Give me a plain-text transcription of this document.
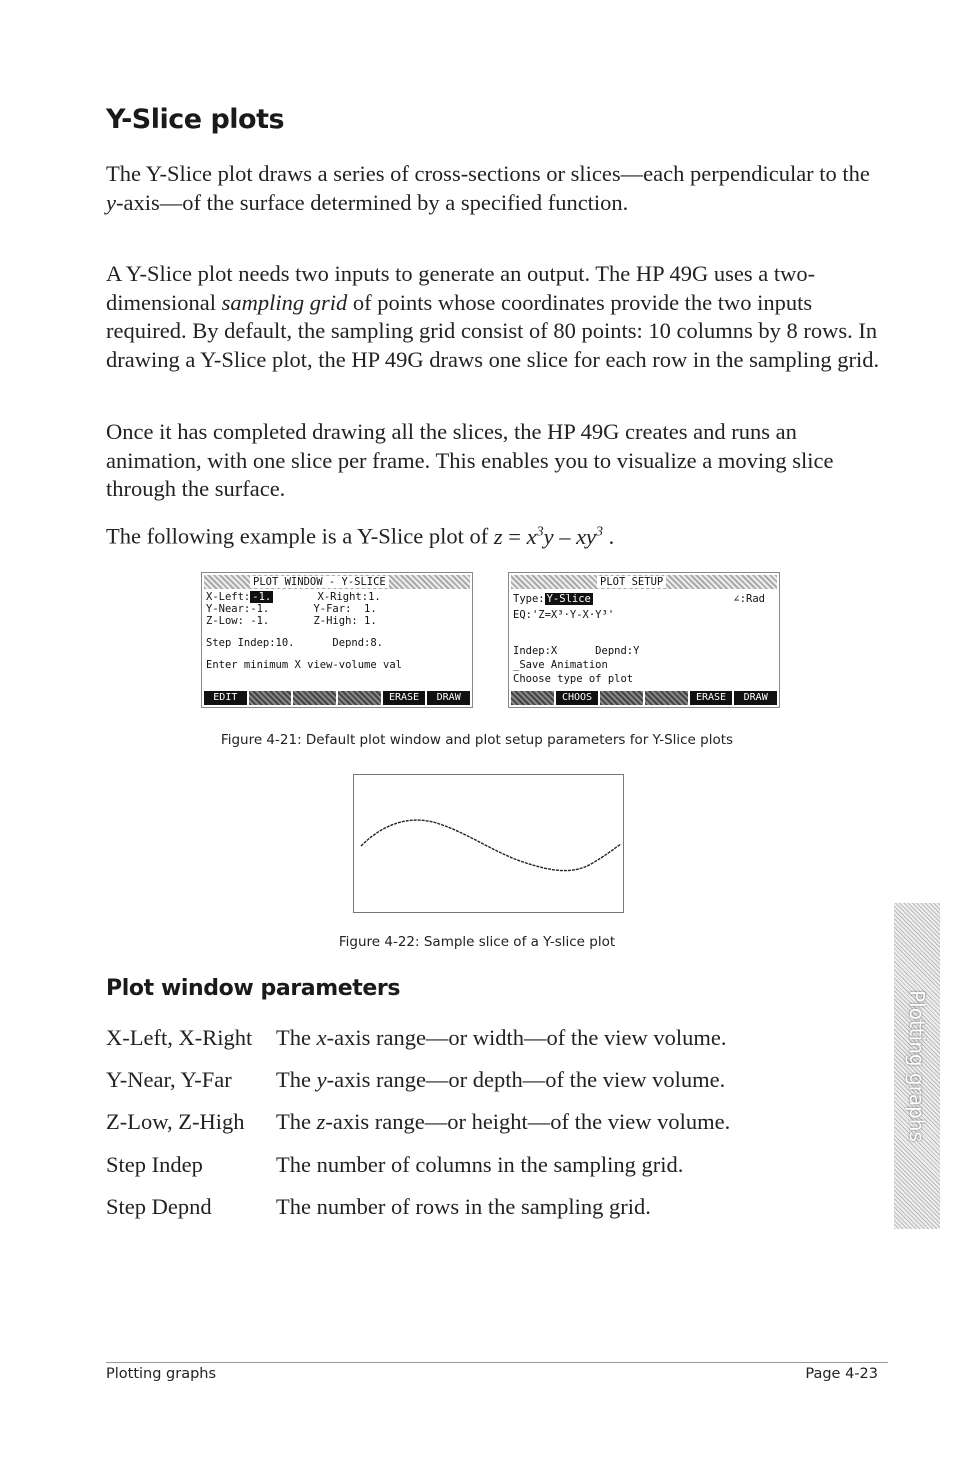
Y-Slice plots

The Y-Slice plot draws a series of cross-sections or slices—each perpendicular to the y-axis—of the surface determined by a specified function.

A Y-Slice plot needs two inputs to generate an output. The HP 49G uses a two-dimensional sampling grid of points whose coordinates provide the two inputs required. By default, the sampling grid consist of 80 points: 10 columns by 8 rows. In drawing a Y-Slice plot, the HP 49G draws one slice for each row in the sampling grid.

Once it has completed drawing all the slices, the HP 49G creates and runs an animation, with one slice per frame. This enables you to visualize a moving slice through the surface.

The following example is a Y-Slice plot of $z = x^3y - xy^3$ .

PLOT WINDOW - Y-SLICE
X-Left: -1.	X-Right:1.
Y-Near:-1.       Y-Far:  1.
Z-Low: -1.       Z-High: 1.
Step Indep:10.      Depnd:8.
Enter minimum X view-volume val
EDIT	ERASE	DRAW
PLOT SETUP
Type: Y-Slice	∠:Rad
EQ:'Z=X³·Y-X·Y³'
Indep:X      Depnd:Y
_Save Animation
Choose type of plot
CHOOS	ERASE	DRAW
Figure 4-21: Default plot window and plot setup parameters for Y-Slice plots
Figure 4-22: Sample slice of a Y-slice plot
Plot window parameters
X-Left, X-Right The x-axis range—or width—of the view volume.
Y-Near, Y-Far The y-axis range—or depth—of the view volume.
Z-Low, Z-High The z-axis range—or height—of the view volume.
Step Indep	The number of columns in the sampling grid.
Step Depnd	The number of rows in the sampling grid.
Plotting graphs
Plotting graphs	Page 4-23
